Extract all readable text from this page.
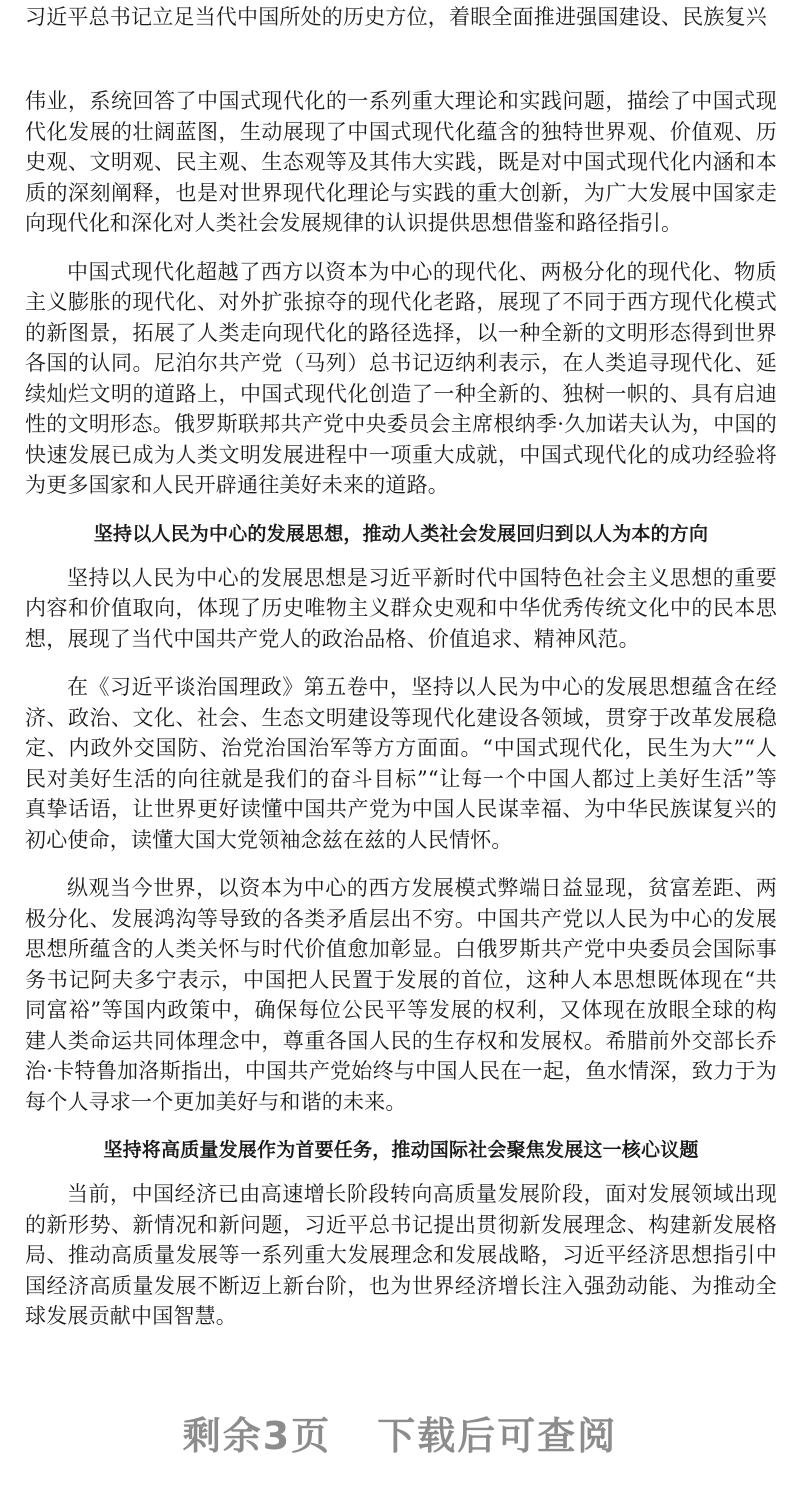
习近平总书记立足当代中国所处的历史方位，着眼全面推进强国建设、民族复兴

伟业，系统回答了中国式现代化的一系列重大理论和实践问题，描绘了中国式现代化发展的壮阔蓝图，生动展现了中国式现代化蕴含的独特世界观、价值观、历史观、文明观、民主观、生态观等及其伟大实践，既是对中国式现代化内涵和本质的深刻阐释，也是对世界现代化理论与实践的重大创新，为广大发展中国家走向现代化和深化对人类社会发展规律的认识提供思想借鉴和路径指引。

中国式现代化超越了西方以资本为中心的现代化、两极分化的现代化、物质主义膨胀的现代化、对外扩张掠夺的现代化老路，展现了不同于西方现代化模式的新图景，拓展了人类走向现代化的路径选择，以一种全新的文明形态得到世界各国的认同。尼泊尔共产党（马列）总书记迈纳利表示，在人类追寻现代化、延续灿烂文明的道路上，中国式现代化创造了一种全新的、独树一帜的、具有启迪性的文明形态。俄罗斯联邦共产党中央委员会主席根纳季·久加诺夫认为，中国的快速发展已成为人类文明发展进程中一项重大成就，中国式现代化的成功经验将为更多国家和人民开辟通往美好未来的道路。

坚持以人民为中心的发展思想，推动人类社会发展回归到以人为本的方向

坚持以人民为中心的发展思想是习近平新时代中国特色社会主义思想的重要内容和价值取向，体现了历史唯物主义群众史观和中华优秀传统文化中的民本思想，展现了当代中国共产党人的政治品格、价值追求、精神风范。

在《习近平谈治国理政》第五卷中，坚持以人民为中心的发展思想蕴含在经济、政治、文化、社会、生态文明建设等现代化建设各领域，贯穿于改革发展稳定、内政外交国防、治党治国治军等方方面面。“中国式现代化，民生为大”“人民对美好生活的向往就是我们的奋斗目标”“让每一个中国人都过上美好生活”等真挚话语，让世界更好读懂中国共产党为中国人民谋幸福、为中华民族谋复兴的初心使命，读懂大国大党领袖念兹在兹的人民情怀。

纵观当今世界，以资本为中心的西方发展模式弊端日益显现，贫富差距、两极分化、发展鸿沟等导致的各类矛盾层出不穷。中国共产党以人民为中心的发展思想所蕴含的人类关怀与时代价值愈加彰显。白俄罗斯共产党中央委员会国际事务书记阿夫多宁表示，中国把人民置于发展的首位，这种人本思想既体现在“共同富裕”等国内政策中，确保每位公民平等发展的权利，又体现在放眼全球的构建人类命运共同体理念中，尊重各国人民的生存权和发展权。希腊前外交部长乔治·卡特鲁加洛斯指出，中国共产党始终与中国人民在一起，鱼水情深，致力于为每个人寻求一个更加美好与和谐的未来。

坚持将高质量发展作为首要任务，推动国际社会聚焦发展这一核心议题

当前，中国经济已由高速增长阶段转向高质量发展阶段，面对发展领域出现的新形势、新情况和新问题，习近平总书记提出贯彻新发展理念、构建新发展格局、推动高质量发展等一系列重大发展理念和发展战略，习近平经济思想指引中国经济高质量发展不断迈上新台阶，也为世界经济增长注入强劲动能、为推动全球发展贡献中国智慧。

剩余3页 下载后可查阅
